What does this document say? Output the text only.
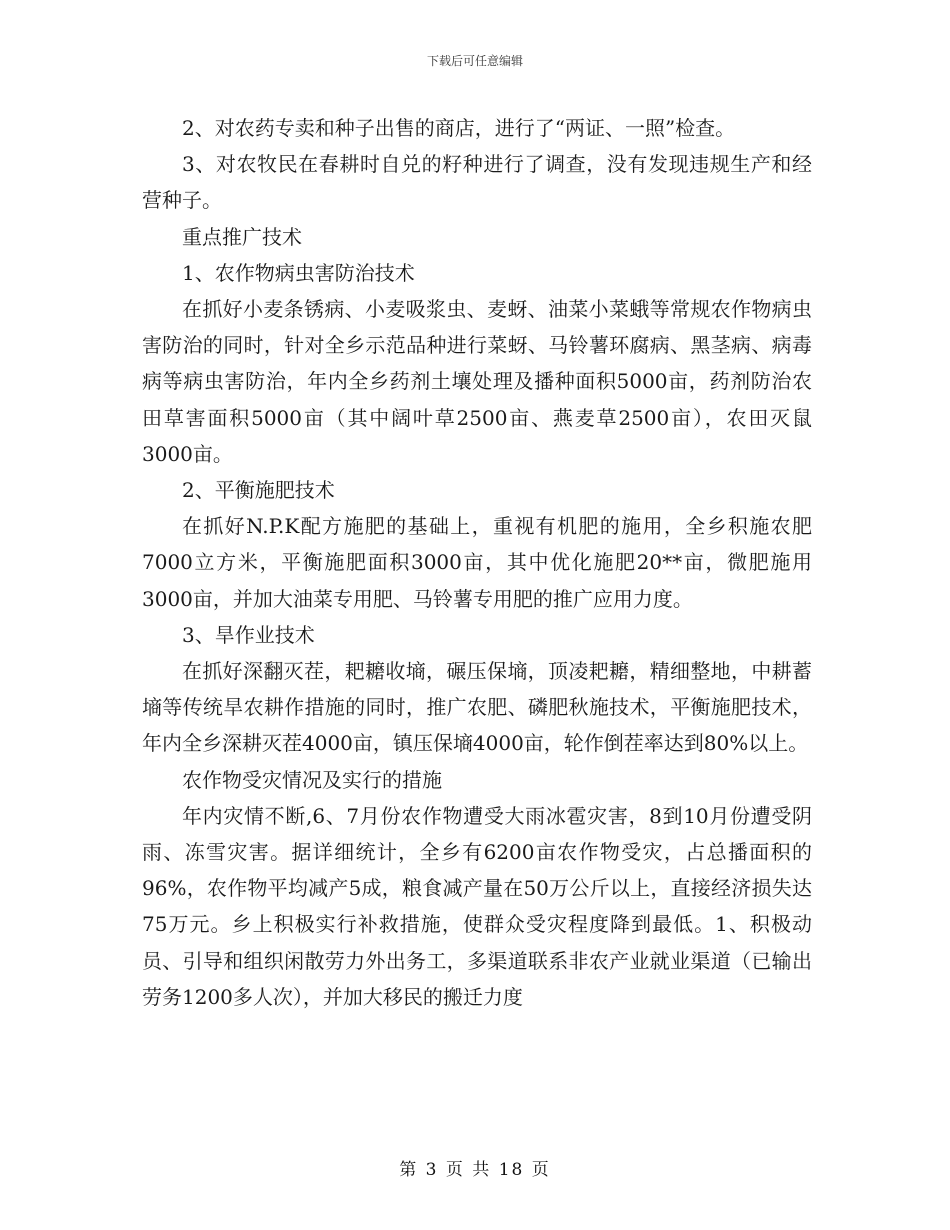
下载后可任意编辑

2、对农药专卖和种子出售的商店，进行了“两证、一照”检查。

3、对农牧民在春耕时自兑的籽种进行了调查，没有发现违规生产和经营种子。

重点推广技术

1、农作物病虫害防治技术

在抓好小麦条锈病、小麦吸浆虫、麦蚜、油菜小菜蛾等常规农作物病虫害防治的同时，针对全乡示范品种进行菜蚜、马铃薯环腐病、黑茎病、病毒病等病虫害防治，年内全乡药剂土壤处理及播种面积5000亩，药剂防治农田草害面积5000亩（其中阔叶草2500亩、燕麦草2500亩），农田灭鼠3000亩。

2、平衡施肥技术

在抓好N.P.K配方施肥的基础上，重视有机肥的施用，全乡积施农肥7000立方米，平衡施肥面积3000亩，其中优化施肥20**亩，微肥施用3000亩，并加大油菜专用肥、马铃薯专用肥的推广应用力度。

3、旱作业技术

在抓好深翻灭茬，耙耱收墒，碾压保墒，顶凌耙耱，精细整地，中耕蓄墒等传统旱农耕作措施的同时，推广农肥、磷肥秋施技术，平衡施肥技术，年内全乡深耕灭茬4000亩，镇压保墒4000亩，轮作倒茬率达到80%以上。

农作物受灾情况及实行的措施

年内灾情不断,6、7月份农作物遭受大雨冰雹灾害，8到10月份遭受阴雨、冻雪灾害。据详细统计，全乡有6200亩农作物受灾，占总播面积的96%，农作物平均减产5成，粮食减产量在50万公斤以上，直接经济损失达75万元。乡上积极实行补救措施，使群众受灾程度降到最低。1、积极动员、引导和组织闲散劳力外出务工，多渠道联系非农产业就业渠道（已输出劳务1200多人次），并加大移民的搬迁力度

第 3 页 共 18 页
